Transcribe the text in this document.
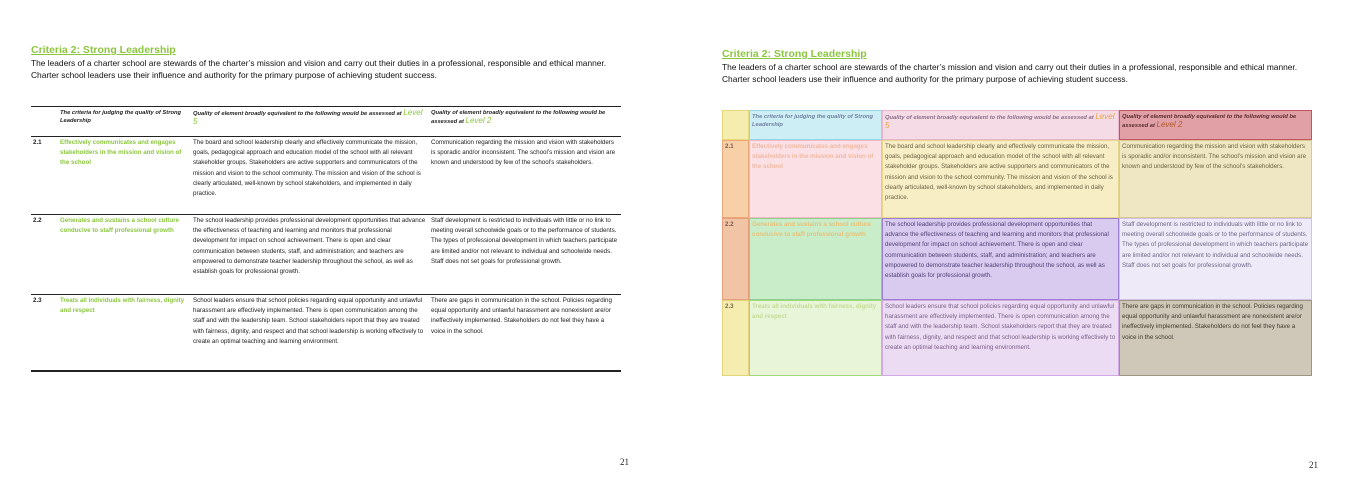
Criteria 2: Strong Leadership
The leaders of a charter school are stewards of the charter’s mission and vision and carry out their duties in a professional, responsible and ethical manner. Charter school leaders use their influence and authority for the primary purpose of achieving student success.
The criteria for judging the quality of Strong Leadership
Quality of element broadly equivalent to the following would be assessed at Level 5
Quality of element broadly equivalent to the following would be assessed at Level 2
2.1	Effectively communicates and engages stakeholders in the mission and vision of the school
The board and school leadership clearly and effectively communicate the mission, goals, pedagogical approach and education model of the school with all relevant stakeholder groups. Stakeholders are active supporters and communicators of the mission and vision to the school community. The mission and vision of the school is clearly articulated, well-known by school stakeholders, and implemented in daily practice.
Communication regarding the mission and vision with stakeholders is sporadic and/or inconsistent. The school’s mission and vision are known and understood by few of the school’s stakeholders.
2.2	Generates and sustains a school culture conducive to staff professional growth
The school leadership provides professional development opportunities that advance the effectiveness of teaching and learning and monitors that professional development for impact on school achievement. There is open and clear communication between students, staff, and administration; and teachers are empowered to demonstrate teacher leadership throughout the school, as well as establish goals for professional growth.
Staff development is restricted to individuals with little or no link to meeting overall schoolwide goals or to the performance of students. The types of professional development in which teachers participate are limited and/or not relevant to individual and schoolwide needs. Staff does not set goals for professional growth.
2.3	Treats all individuals with fairness, dignity and respect
School leaders ensure that school policies regarding equal opportunity and unlawful harassment are effectively implemented. There is open communication among the staff and with the leadership team. School stakeholders report that they are treated with fairness, dignity, and respect and that school leadership is working effectively to create an optimal teaching and learning environment.
There are gaps in communication in the school. Policies regarding equal opportunity and unlawful harassment are nonexistent are/or ineffectively implemented. Stakeholders do not feel they have a voice in the school.
21
Criteria 2: Strong Leadership
The leaders of a charter school are stewards of the charter’s mission and vision and carry out their duties in a professional, responsible and ethical manner. Charter school leaders use their influence and authority for the primary purpose of achieving student success.
The criteria for judging the quality of Strong Leadership
Quality of element broadly equivalent to the following would be assessed at Level 5
Quality of element broadly equivalent to the following would be assessed at Level 2
2.1	Effectively communicates and engages stakeholders in the mission and vision of the school
The board and school leadership clearly and effectively communicate the mission, goals, pedagogical approach and education model of the school with all relevant stakeholder groups. Stakeholders are active supporters and communicators of the mission and vision to the school community. The mission and vision of the school is clearly articulated, well-known by school stakeholders, and implemented in daily practice.
Communication regarding the mission and vision with stakeholders is sporadic and/or inconsistent. The school’s mission and vision are known and understood by few of the school’s stakeholders.
2.2	Generates and sustains a school culture conducive to staff professional growth
The school leadership provides professional development opportunities that advance the effectiveness of teaching and learning and monitors that professional development for impact on school achievement. There is open and clear communication between students, staff, and administration; and teachers are empowered to demonstrate teacher leadership throughout the school, as well as establish goals for professional growth.
Staff development is restricted to individuals with little or no link to meeting overall schoolwide goals or to the performance of students. The types of professional development in which teachers participate are limited and/or not relevant to individual and schoolwide needs. Staff does not set goals for professional growth.
2.3	Treats all individuals with fairness, dignity and respect
School leaders ensure that school policies regarding equal opportunity and unlawful harassment are effectively implemented. There is open communication among the staff and with the leadership team. School stakeholders report that they are treated with fairness, dignity, and respect and that school leadership is working effectively to create an optimal teaching and learning environment.
There are gaps in communication in the school. Policies regarding equal opportunity and unlawful harassment are nonexistent are/or ineffectively implemented. Stakeholders do not feel they have a voice in the school.
21
